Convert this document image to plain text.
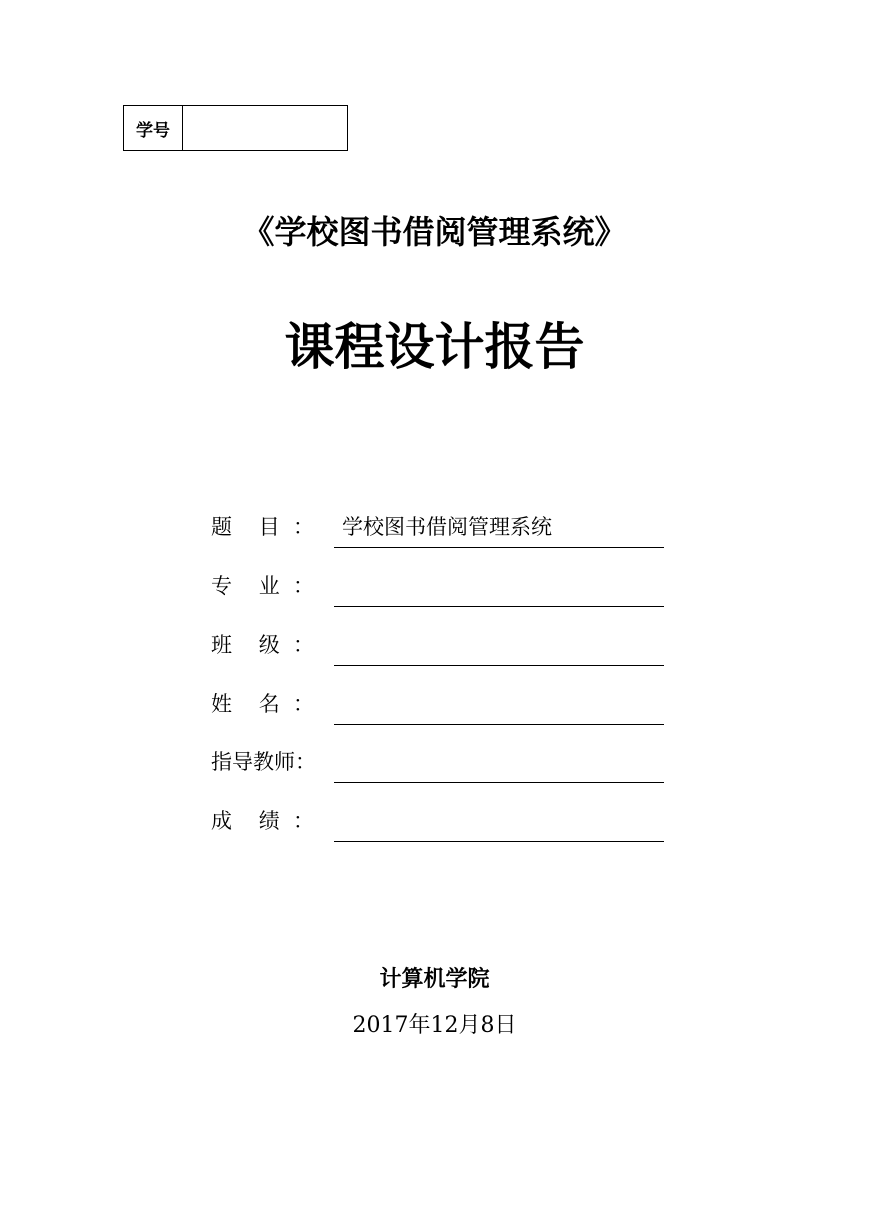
学号
《学校图书借阅管理系统》
课程设计报告
题    目  ：	学校图书借阅管理系统
专    业  ：
班    级  ：
姓    名  ：
指导教师：
成    绩  ：
计算机学院
2017年12月8日
